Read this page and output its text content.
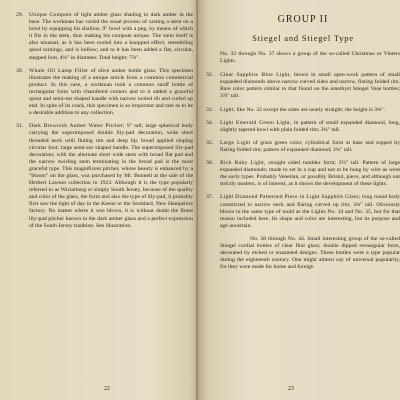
29. Unique Compote of light amber glass shading to dark amber in the base. The workman has varied the usual process of casting a stem on a bowl by equipping his shallow, 9" bowl with a peg, by means of which it fits in the stem, thus making his compote unique. The stem itself is also unusual, as it has been tooled into a knopped effect, resembling spool turnings, and is hollow; and to it has been added a flat, circular, stepped foot, 4¾" in diameter. Total height: 7⅞".
30. Whale Oil Lamp Filler of olive amber bottle glass. This specimen illustrates the making of a unique article from a common commercial product. In this case, a workman took a common snuff bottle of rectangular form with chamfered corners and to it added a graceful spout and semi-ear shaped handle with narrow tooled rib and curled up end. In spite of its crack, this specimen is so important and rare as to be a desirable addition to any collection.
31. Dark Brownish Amber Water Pitcher; 9" tall; large spherical body carrying the superimposed double lily-pad decoration, wide short threaded neck with fluting rim and deep lip; broad applied sloping circular foot; large semi-ear shaped handle. The superimposed lily-pad decoration; with the alternate short wide stem with broad flat pad and the narrow swirling stem terminating in the broad pad is the most graceful type. This magnificent pitcher, whose beauty is enhanced by a "bloom" on the glass, was purchased by Mr. Bunnell at the sale of the Herbert Lawton collection in 1923. Although it is the type popularly referred to as Wistarburg or simply South Jersey, because of the quality and color of the glass, the form and also the type of lily-pad, it probably first saw the light of day in the Keene or the Stoddard, New Hampshire factory. No matter where it was blown, it is without doubt the finest lily-pad pitcher known in the dark amber glass and a perfect expression of the South Jersey tradition. See illustration.
22
GROUP II
Stiegel and Stiegel Type
No. 32 through No. 37 shows a group of the so-called Christmas or Vinters Lights.
32. Clear Sapphire Blue Light, blown in small open-work pattern of small expanded diamonds above narrow curved sides and narrow, flaring folded rim. Rare color pattern similar to that found on the amethyst Stiegel Vase bottles; 3⅞" tall.
33. Light; like No. 32 except the sides are nearly straight; the height is 3¾".
34. Light Emerald Green Light, in pattern of small expanded diamond, long, slightly tapered bowl with plain folded rim; 3¾" tall.
35. Large Light of grass green color, cylindrical form at base and topped by flaring folded rim; pattern of expanded diamond; 3¾" tall.
36. Rich Ruby Light, straight sided tumbler form; 2½" tall. Pattern of large expanded diamonds; made to set in a cup and not to be hung by wire as were the early types. Probably Venetian, or possibly Bristol, piece, and although not strictly modern, is of interest, as it shows the development of these lights.
37. Light Diamond Patterned Piece in Light Sapphire Glass; long round body constricted to narrow neck and flaring curved up rim; 3¾" tall. Obviously blown in the same type of mold as the Lights No. 34 and No. 35, but for that reason included here. Its shape and color are interesting, but its purpose and age uncertain.
No. 38 through No. 44. Small interesting group of the so-called Stiegel cordial bottles of clear flint glass; double dipped rectangular form, decorated by etched or enameled designs. These bottles were a type popular during the eighteenth century. One might almost say of universal popularity, for they were made for home and foreign
23
